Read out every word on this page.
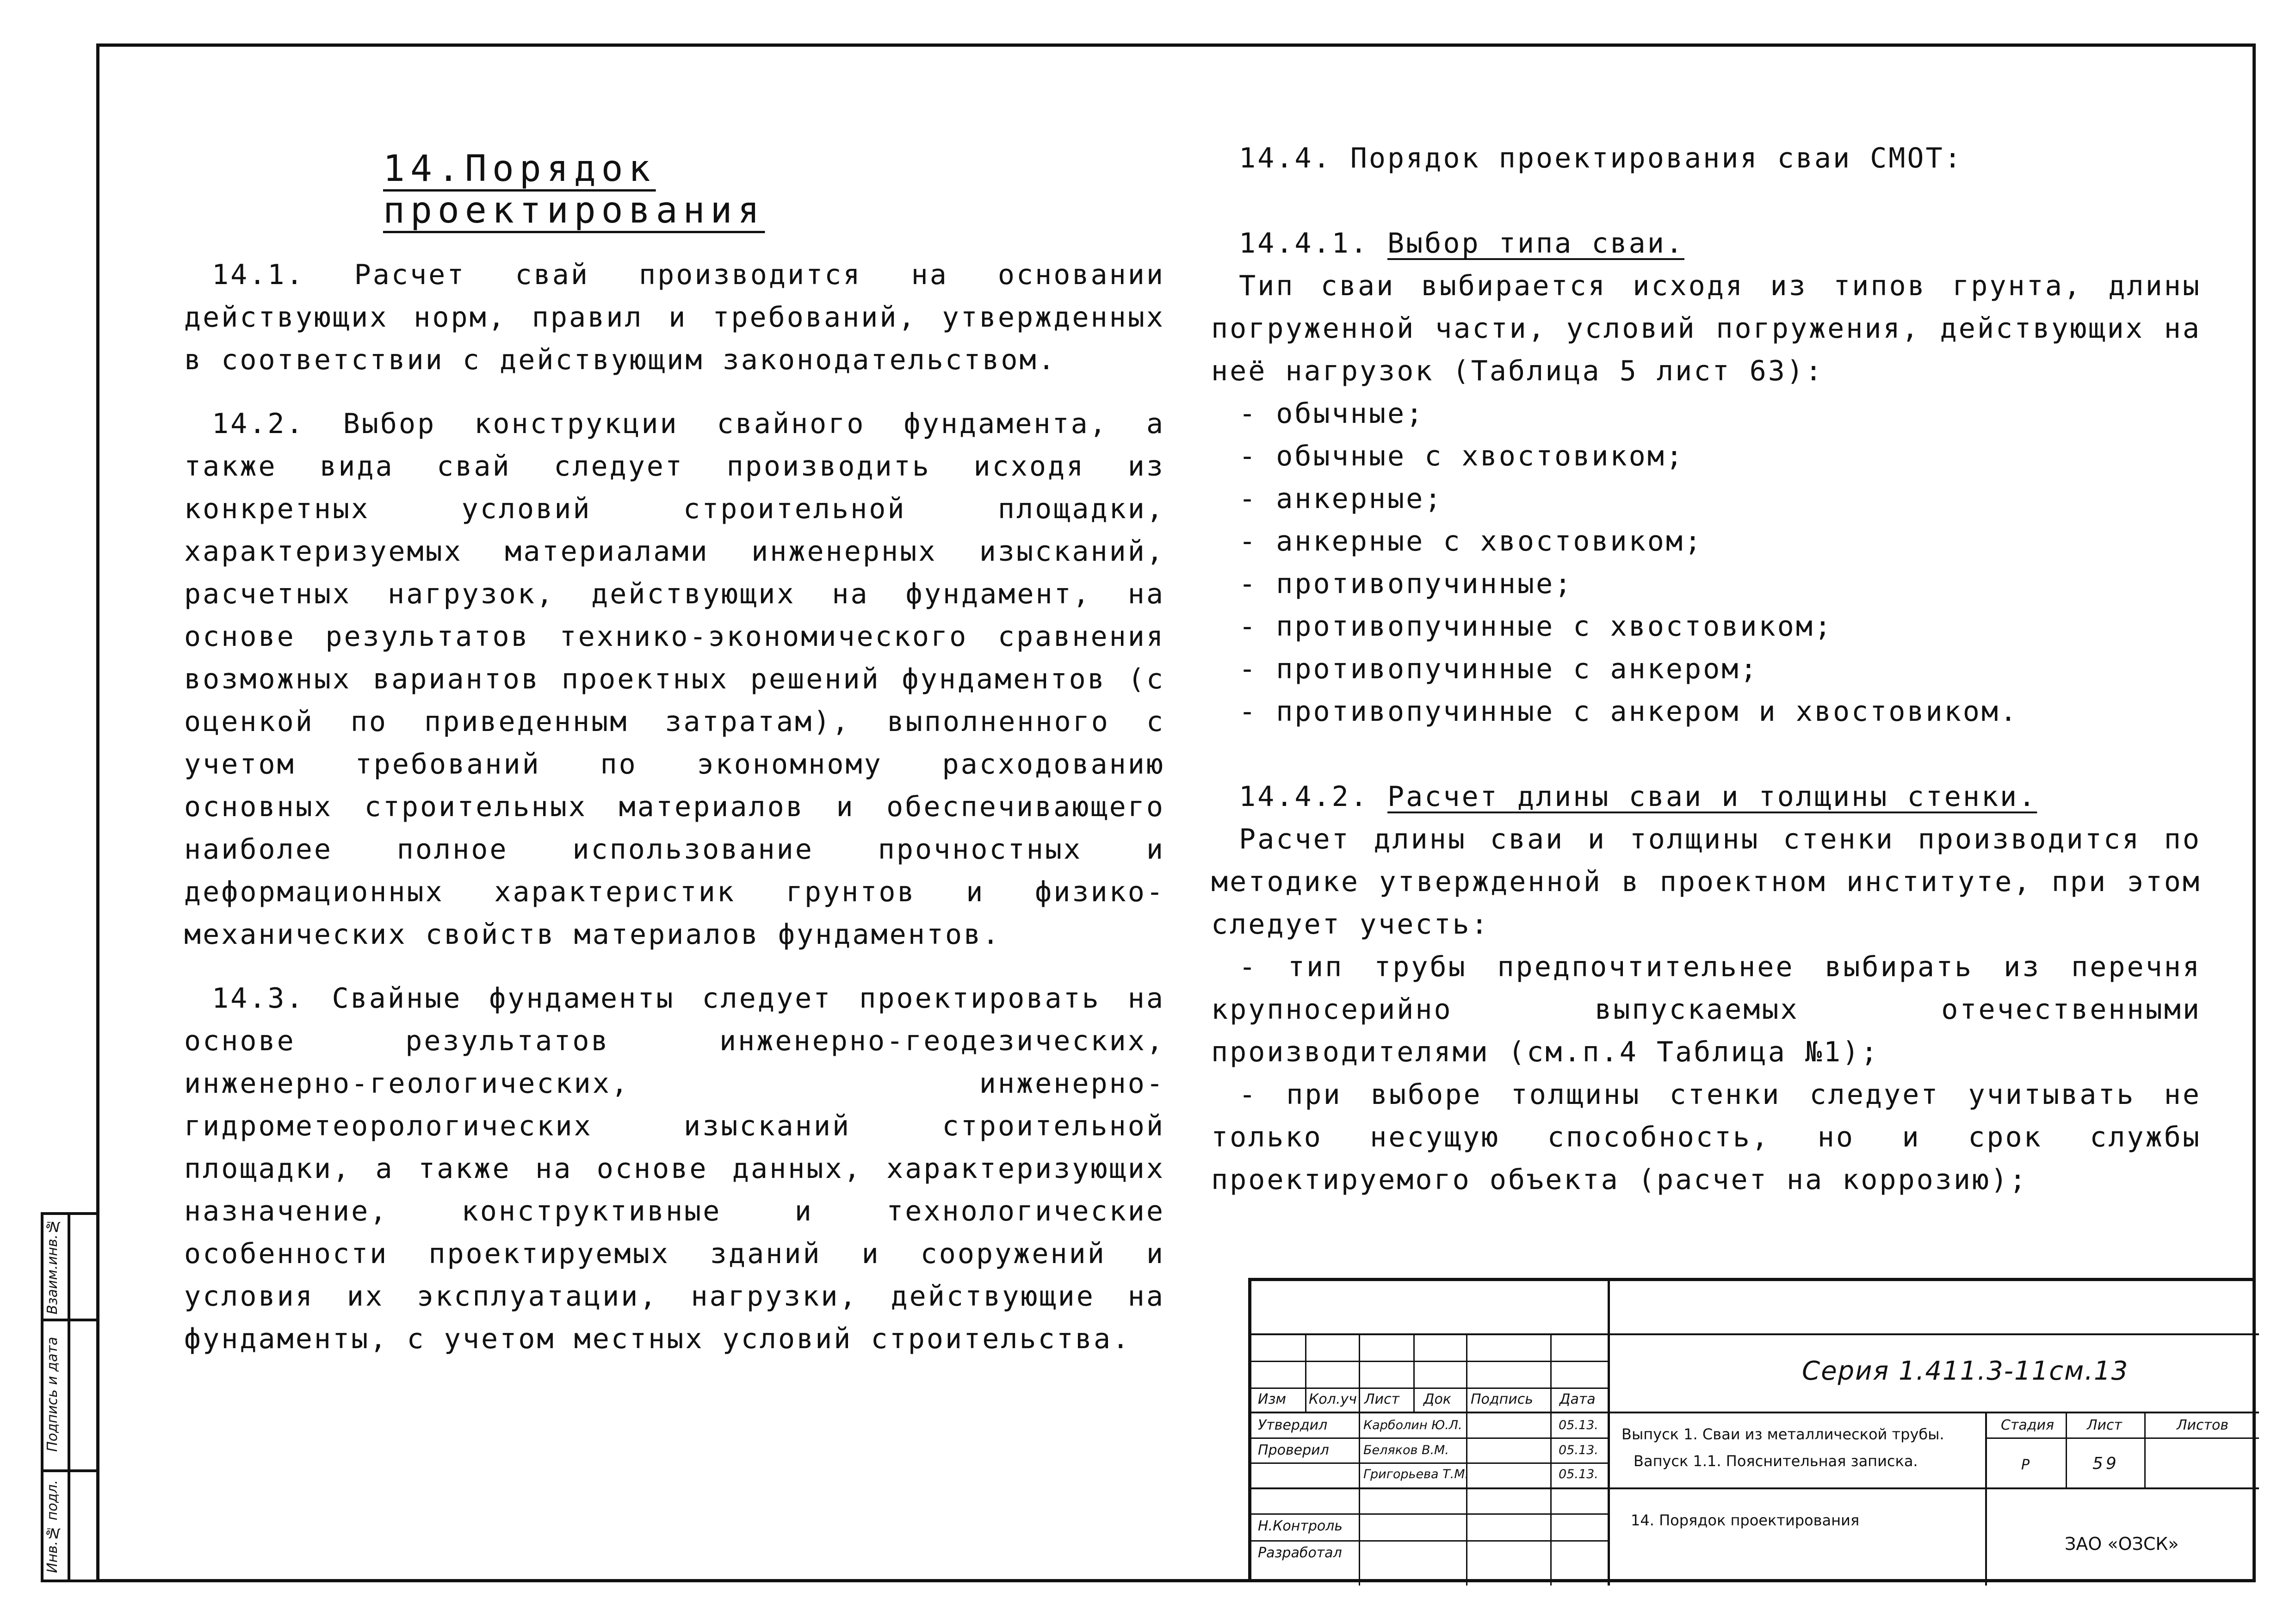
Взаим.инв.№
Подпись и дата
Инв.№ подл.
14.Порядок проектирования

14.1. Расчет свай производится на основании действующих норм, правил и требований, утвержденных в соответствии с действующим законодательством.

14.2. Выбор конструкции свайного фундамента, а также вида свай следует производить исходя из конкретных условий строительной площадки, характеризуемых материалами инженерных изысканий, расчетных нагрузок, действующих на фундамент, на основе результатов технико-экономического сравнения возможных вариантов проектных решений фундаментов (с оценкой по приведенным затратам), выполненного с учетом требований по экономному расходованию основных строительных материалов и обеспечивающего наиболее полное использование прочностных и деформационных характеристик грунтов и физико-механических свойств материалов фундаментов.

14.3. Свайные фундаменты следует проектировать на основе результатов инженерно-геодезических, инженерно-геологических, инженерно-гидрометеорологических изысканий строительной площадки, а также на основе данных, характеризующих назначение, конструктивные и технологические особенности проектируемых зданий и сооружений и условия их эксплуатации, нагрузки, действующие на фундаменты, с учетом местных условий строительства.

14.4. Порядок проектирования сваи СМОТ:

14.4.1. Выбор типа сваи.

Тип сваи выбирается исходя из типов грунта, длины погруженной части, условий погружения, действующих на неё нагрузок (Таблица 5 лист 63):

- обычные;

- обычные с хвостовиком;

- анкерные;

- анкерные с хвостовиком;

- противопучинные;

- противопучинные с хвостовиком;

- противопучинные с анкером;

- противопучинные с анкером и хвостовиком.

14.4.2. Расчет длины сваи и толщины стенки.

Расчет длины сваи и толщины стенки производится по методике утвержденной в проектном институте, при этом следует учесть:

- тип трубы предпочтительнее выбирать из перечня крупносерийно выпускаемых отечественными производителями (см.п.4 Таблица №1);

- при выборе толщины стенки следует учитывать не только несущую способность, но и срок службы проектируемого объекта (расчет на коррозию);

Изм Кол.уч Лист Док Подпись Дата
Утвердил
Проверил
Н.Контроль
Разработал
Карболин Ю.Л.
Беляков В.М.
Григорьева Т.М.
05.13.
05.13.
05.13.
Серия 1.411.3-11см.13
Выпуск 1. Сваи из металлической трубы.
Вапуск 1.1. Пояснительная записка.
Стадия Лист	Листов
Р	59
14. Порядок проектирования
ЗАО «ОЗСК»
